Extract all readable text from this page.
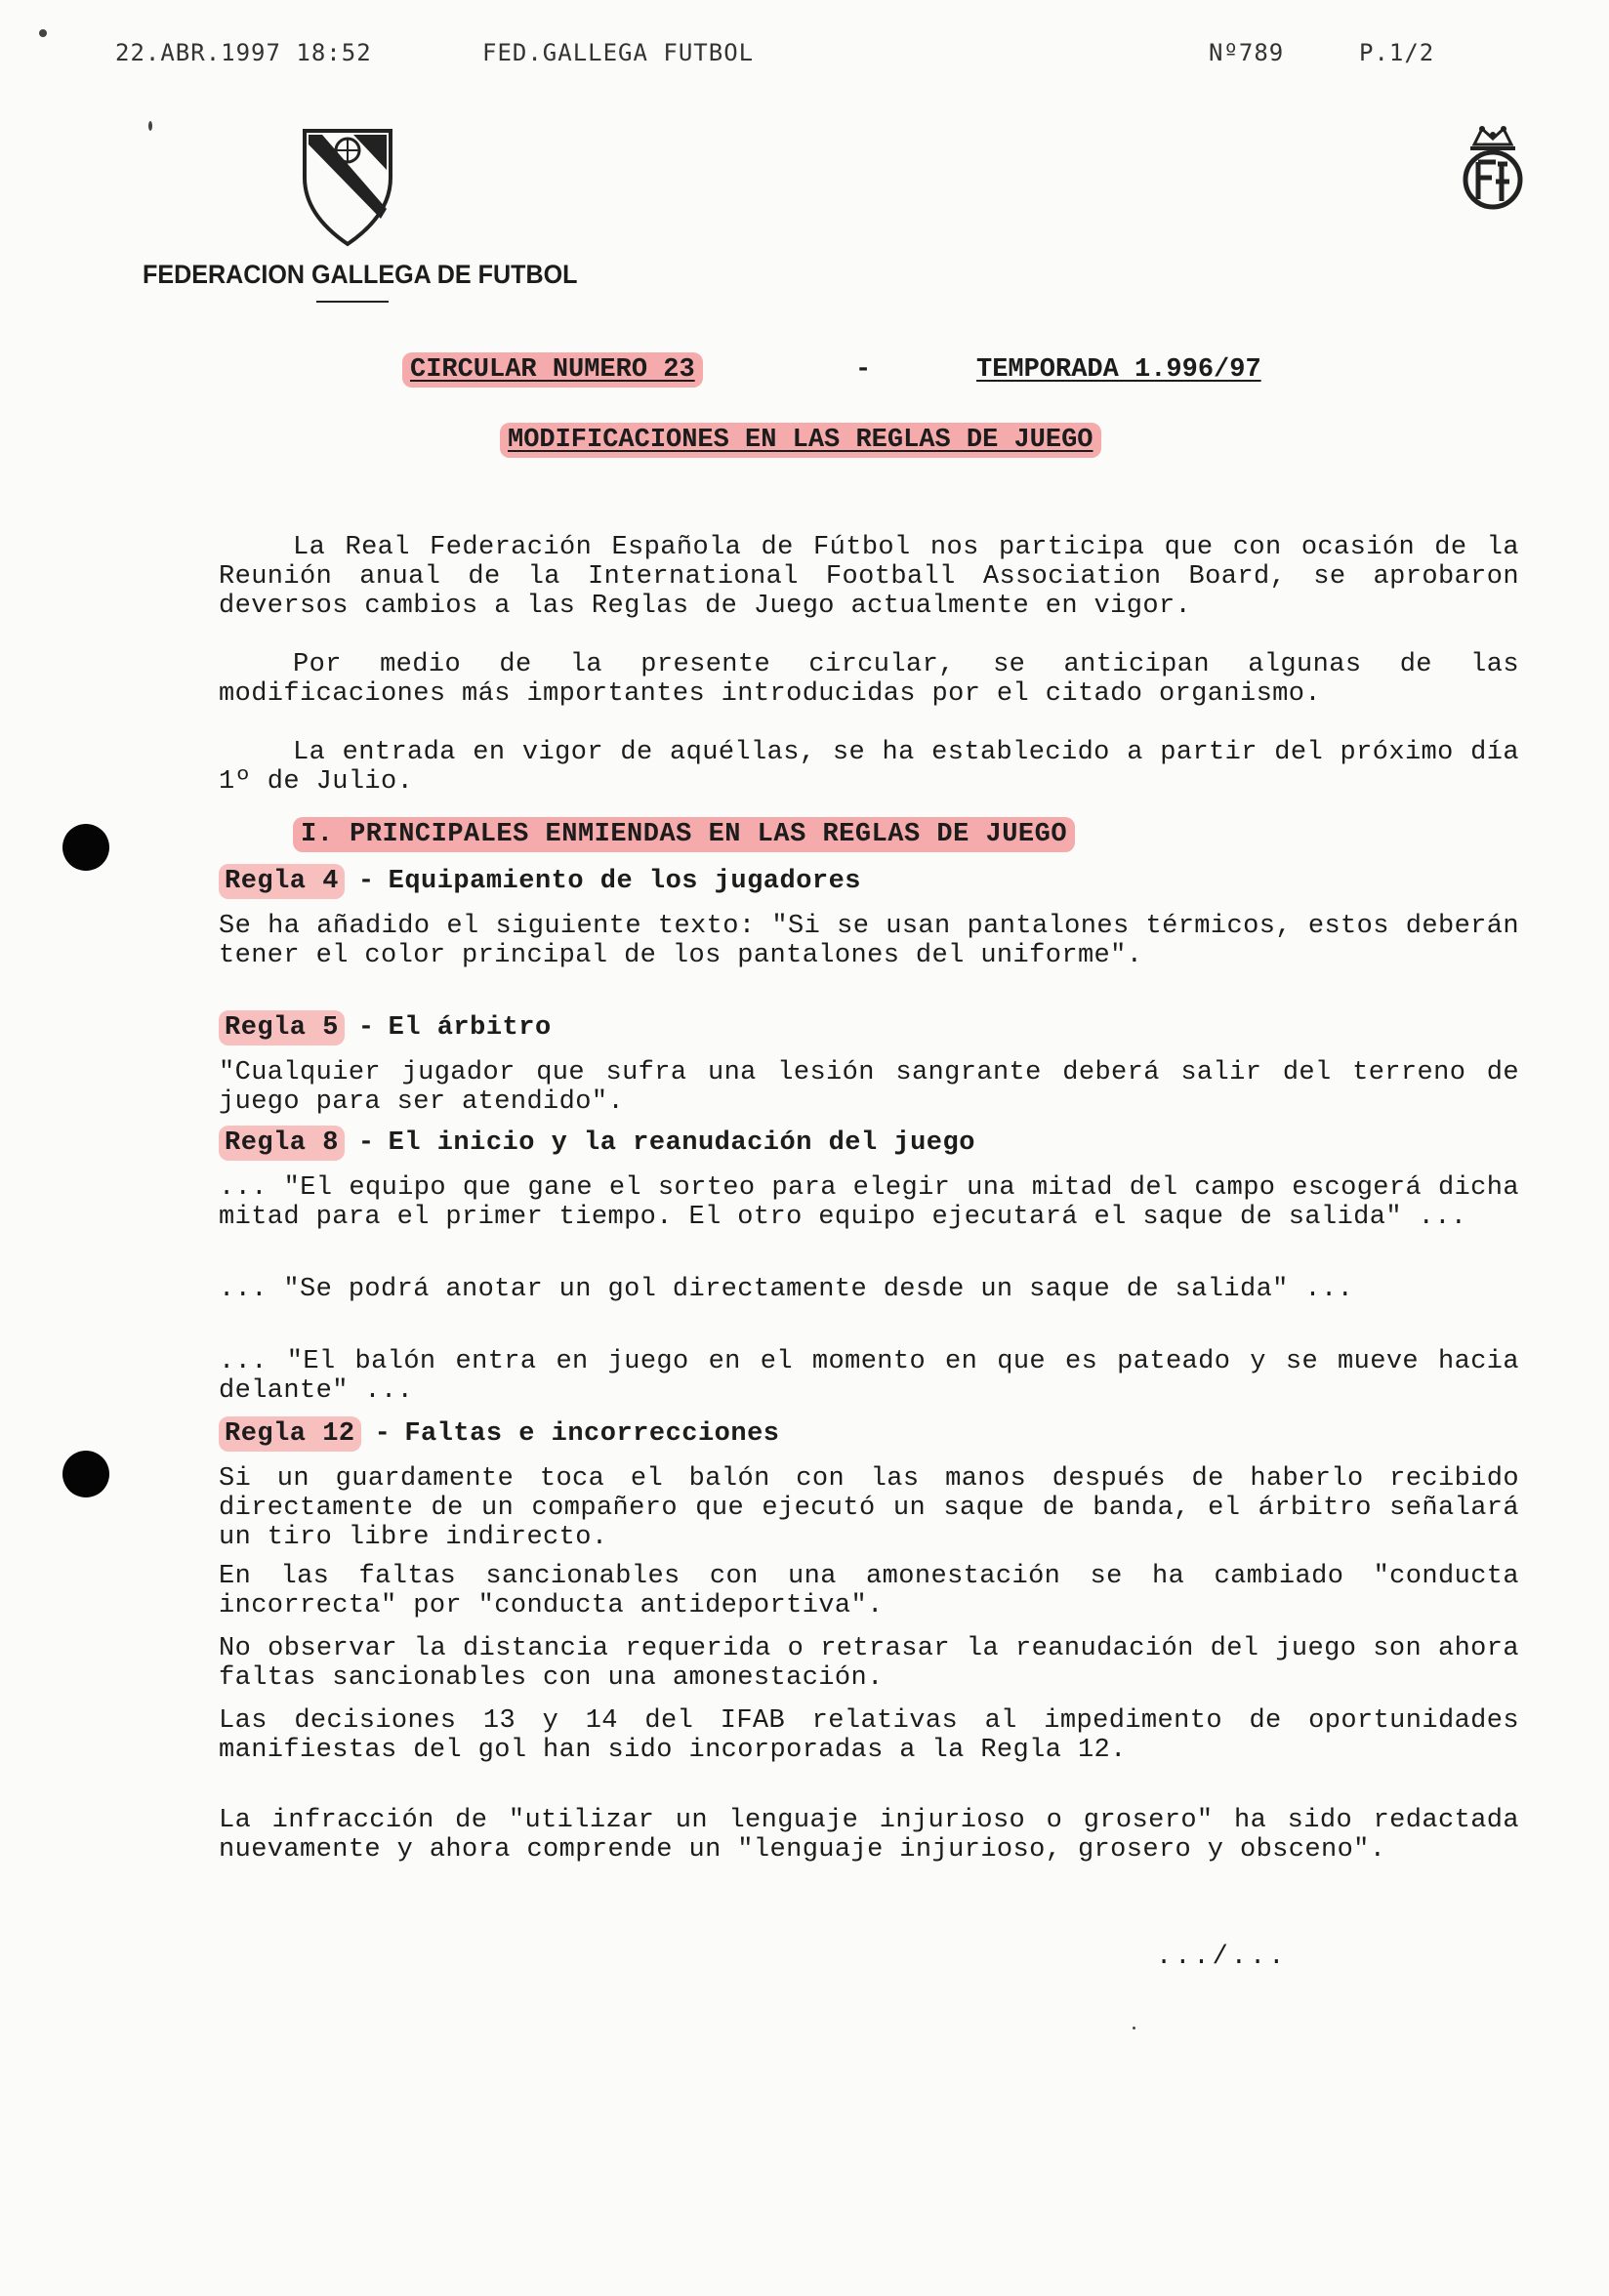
22.ABR.1997 18:52	FED.GALLEGA FUTBOL	Nº789	P.1/2
FEDERACION GALLEGA DE FUTBOL
CIRCULAR NUMERO 23	-	TEMPORADA 1.996/97
MODIFICACIONES EN LAS REGLAS DE JUEGO
La Real Federación Española de Fútbol nos participa que con ocasión de la Reunión anual de la International Football Association Board, se aprobaron deversos cambios a las Reglas de Juego actualmente en vigor.
Por medio de la presente circular, se anticipan algunas de las modificaciones más importantes introducidas por el citado organismo.
La entrada en vigor de aquéllas, se ha establecido a partir del próximo día 1º de Julio.
I. PRINCIPALES ENMIENDAS EN LAS REGLAS DE JUEGO
Regla 4 - Equipamiento de los jugadores
Se ha añadido el siguiente texto: "Si se usan pantalones térmicos, estos deberán tener el color principal de los pantalones del uniforme".
Regla 5 - El árbitro
"Cualquier jugador que sufra una lesión sangrante deberá salir del terreno de juego para ser atendido".
Regla 8 - El inicio y la reanudación del juego
... "El equipo que gane el sorteo para elegir una mitad del campo escogerá dicha mitad para el primer tiempo. El otro equipo ejecutará el saque de salida" ...
... "Se podrá anotar un gol directamente desde un saque de salida" ...
... "El balón entra en juego en el momento en que es pateado y se mueve hacia delante" ...
Regla 12 - Faltas e incorrecciones
Si un guardamente toca el balón con las manos después de haberlo recibido directamente de un compañero que ejecutó un saque de banda, el árbitro señalará un tiro libre indirecto.
En las faltas sancionables con una amonestación se ha cambiado "conducta incorrecta" por "conducta antideportiva".
No observar la distancia requerida o retrasar la reanudación del juego son ahora faltas sancionables con una amonestación.
Las decisiones 13 y 14 del IFAB relativas al impedimento de oportunidades manifiestas del gol han sido incorporadas a la Regla 12.
La infracción de "utilizar un lenguaje injurioso o grosero" ha sido redactada nuevamente y ahora comprende un "lenguaje injurioso, grosero y obsceno".
.../...
